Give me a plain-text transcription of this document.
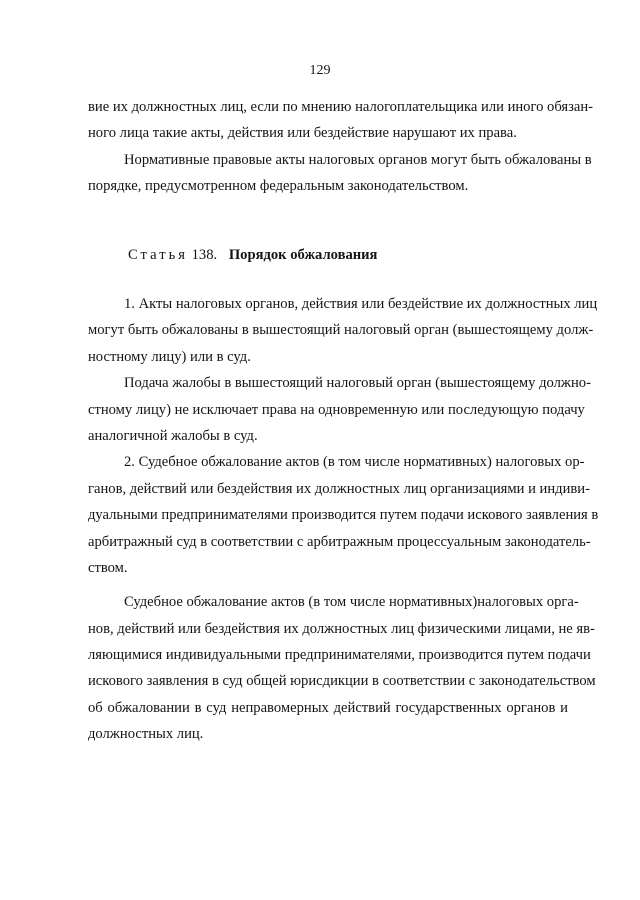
129
вие их должностных лиц, если по мнению налогоплательщика или иного обязан-
ного лица такие акты, действия или бездействие нарушают их права.
Нормативные правовые акты налоговых органов могут быть обжалованы в
порядке, предусмотренном федеральным законодательством.
Статья 138. Порядок обжалования
1. Акты налоговых органов, действия или бездействие их должностных лиц
могут быть обжалованы в вышестоящий налоговый орган (вышестоящему долж-
ностному лицу) или в суд.
Подача жалобы в вышестоящий налоговый орган (вышестоящему должно-
стному лицу) не исключает права на одновременную или последующую подачу
аналогичной жалобы в суд.
2. Судебное обжалование актов (в том числе нормативных) налоговых ор-
ганов, действий или бездействия их должностных лиц организациями и индиви-
дуальными предпринимателями производится путем подачи искового заявления в
арбитражный суд в соответствии с арбитражным процессуальным законодатель-
ством.
Судебное обжалование актов (в том числе нормативных)налоговых орга-
нов, действий или бездействия их должностных лиц физическими лицами, не яв-
ляющимися индивидуальными предпринимателями, производится путем подачи
искового заявления в суд общей юрисдикции в соответствии с законодательством
об обжаловании в суд неправомерных действий государственных органов и
должностных лиц.
